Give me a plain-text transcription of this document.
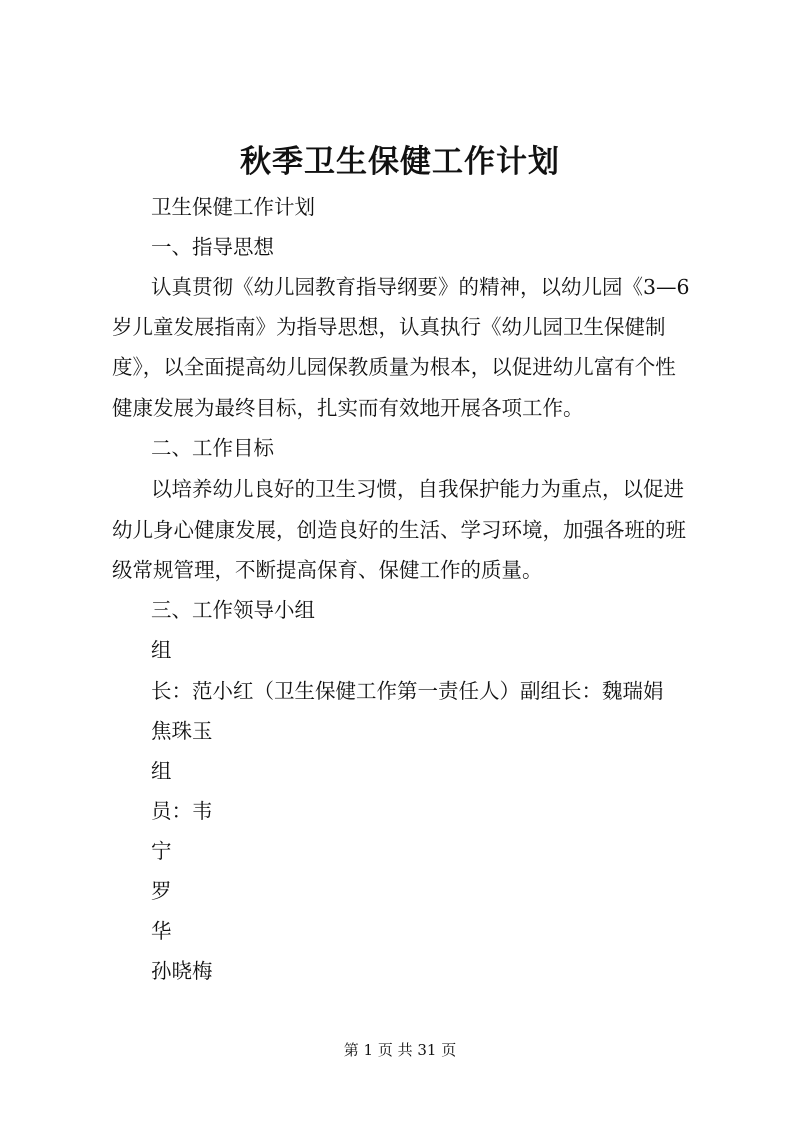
秋季卫生保健工作计划
卫生保健工作计划
一、指导思想
认真贯彻《幼儿园教育指导纲要》的精神，以幼儿园《3—6
岁儿童发展指南》为指导思想，认真执行《幼儿园卫生保健制
度》，以全面提高幼儿园保教质量为根本，以促进幼儿富有个性
健康发展为最终目标，扎实而有效地开展各项工作。
二、工作目标
以培养幼儿良好的卫生习惯，自我保护能力为重点，以促进
幼儿身心健康发展，创造良好的生活、学习环境，加强各班的班
级常规管理，不断提高保育、保健工作的质量。
三、工作领导小组
组
长：范小红（卫生保健工作第一责任人）副组长：魏瑞娟
焦珠玉
组
员：韦
宁
罗
华
孙晓梅
第 1 页 共 31 页
